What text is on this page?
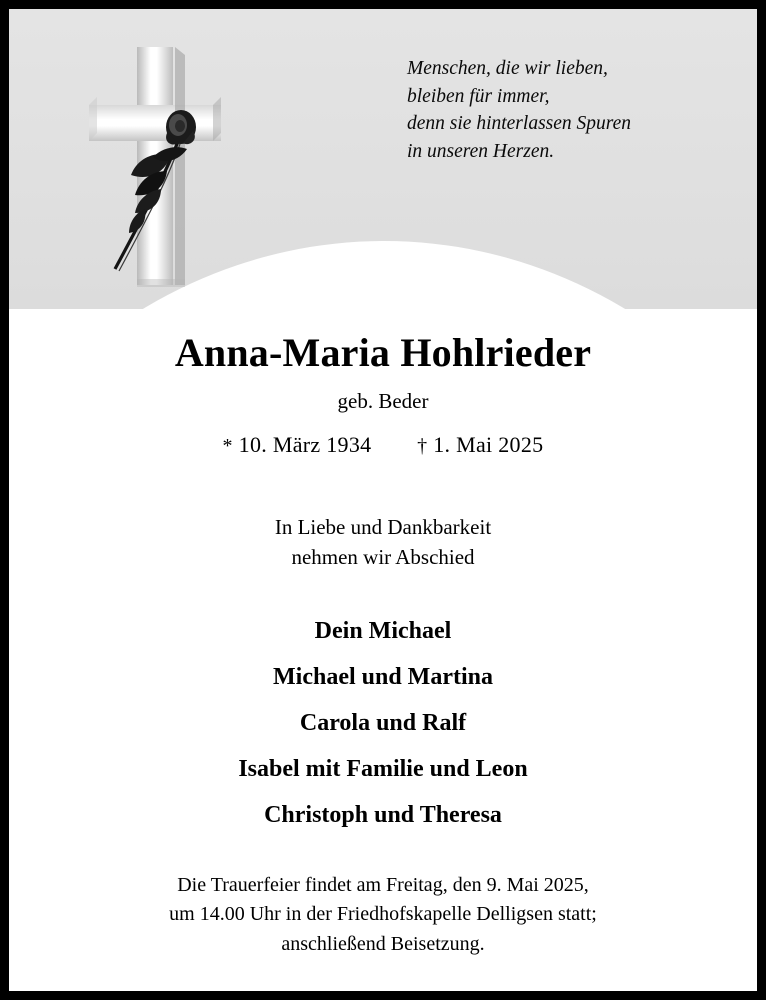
Menschen, die wir lieben,
bleiben für immer,
denn sie hinterlassen Spuren
in unseren Herzen.
Anna-Maria Hohlrieder
geb. Beder
* 10. März 1934 † 1. Mai 2025
In Liebe und Dankbarkeit
nehmen wir Abschied
Dein Michael
Michael und Martina
Carola und Ralf
Isabel mit Familie und Leon
Christoph und Theresa
Die Trauerfeier findet am Freitag, den 9. Mai 2025,
um 14.00 Uhr in der Friedhofskapelle Delligsen statt;
anschließend Beisetzung.
